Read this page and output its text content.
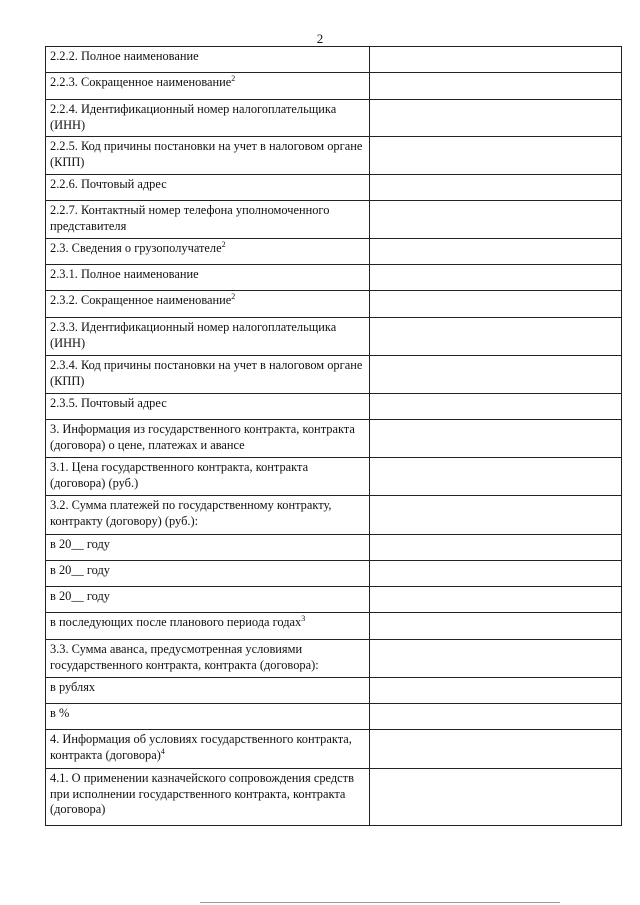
2
2.2.2. Полное наименование	
2.2.3. Сокращенное наименование$^2$	
2.2.4. Идентификационный номер налогоплательщика (ИНН)	
2.2.5. Код причины постановки на учет в налоговом органе (КПП)	
2.2.6. Почтовый адрес	
2.2.7. Контактный номер телефона уполномоченного представителя	
2.3. Сведения о грузополучателе$^2$	
2.3.1. Полное наименование	
2.3.2. Сокращенное наименование$^2$	
2.3.3. Идентификационный номер налогоплательщика (ИНН)	
2.3.4. Код причины постановки на учет в налоговом органе (КПП)	
2.3.5. Почтовый адрес	
3. Информация из государственного контракта, контракта (договора) о цене, платежах и авансе	
3.1. Цена государственного контракта, контракта (договора) (руб.)	
3.2. Сумма платежей по государственному контракту, контракту (договору) (руб.):	
в 20__ году	
в 20__ году	
в 20__ году	
в последующих после планового периода годах$^3$	
3.3. Сумма аванса, предусмотренная условиями государственного контракта, контракта (договора):	
в рублях	
в %	
4. Информация об условиях государственного контракта, контракта (договора)$^4$	
4.1. О применении казначейского сопровождения средств при исполнении государственного контракта, контракта (договора)	
